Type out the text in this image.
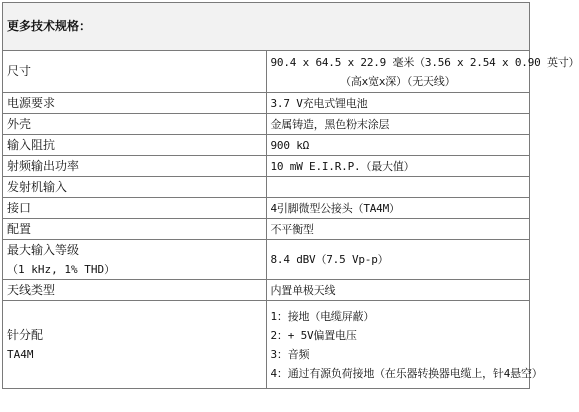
更多技术规格：	
尺寸	90.4 x 64.5 x 22.9 毫米（3.56 x 2.54 x 0.90 英寸）
（高x宽x深）（无天线）

电源要求	3.7 V充电式锂电池
外壳	金属铸造，黑色粉末涂层
输入阻抗	900 kΩ
射频输出功率	10 mW E.I.R.P.（最大值）
发射机输入	
接口	4引脚微型公接头（TA4M）
配置	不平衡型

最大输入等级
（1 kHz, 1% THD）	8.4 dBV（7.5 Vp-p）
天线类型	内置单极天线

针分配
TA4M	1：接地（电缆屏蔽）
2：+ 5V偏置电压
3：音频
4：通过有源负荷接地（在乐器转换器电缆上，针4悬空）
